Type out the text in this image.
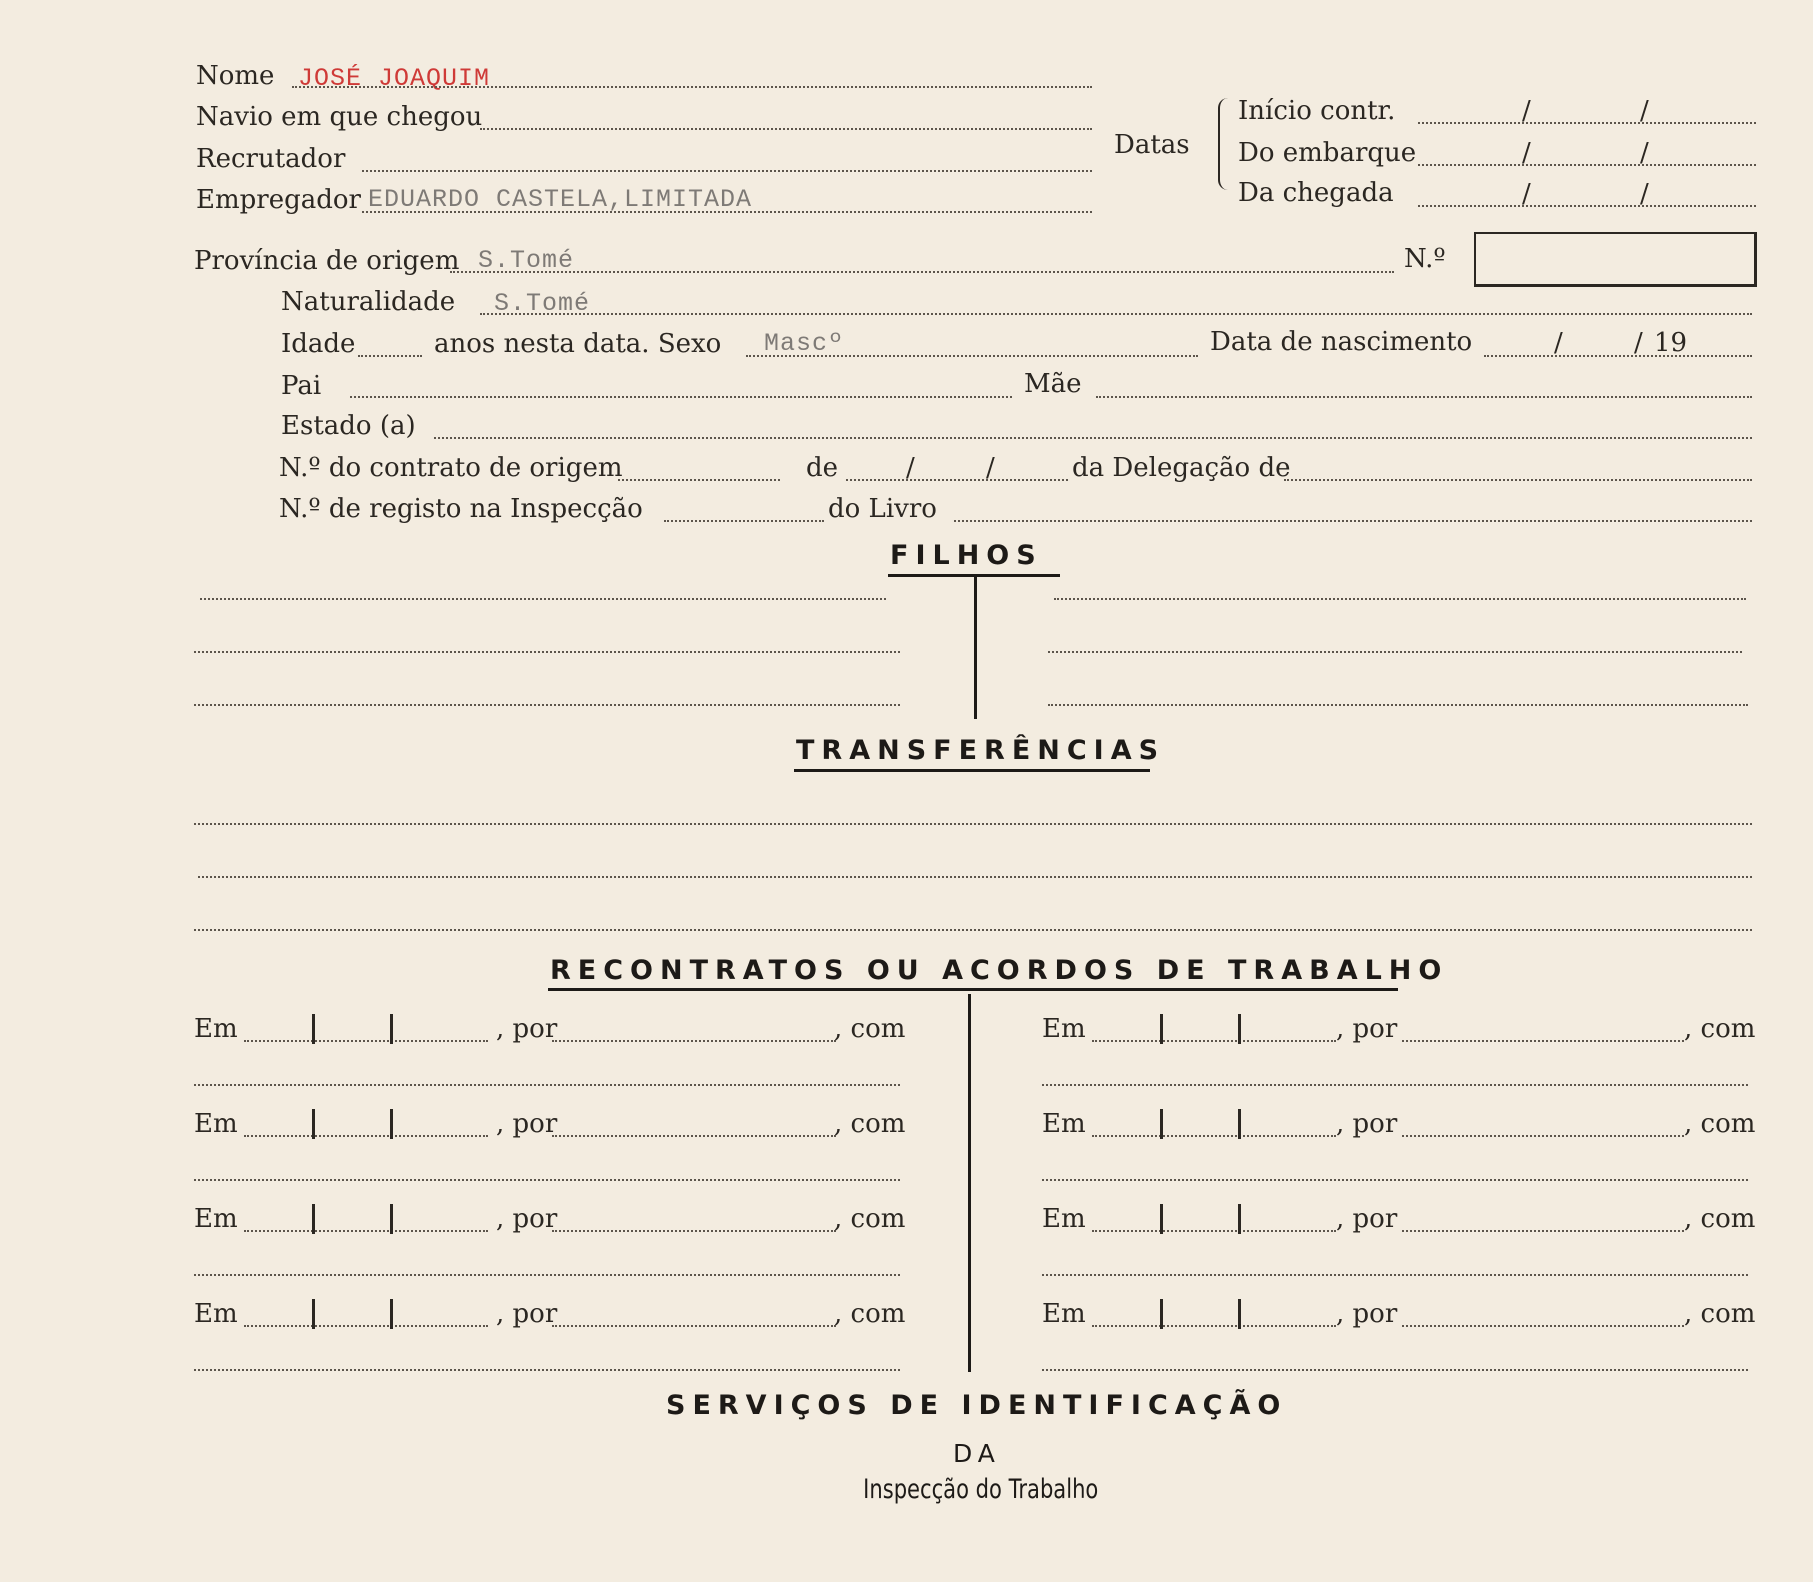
Nome JOSÉ JOAQUIM
Navio em que chegou
Recrutador
Empregador EDUARDO CASTELA,LIMITADA
Datas
Início contr.	/	/
Do embarque	/	/
Da chegada	/	/
Província de origem S.Tomé	N.º
Naturalidade S.Tomé
Idade	anos nesta data. Sexo Mascº	Data de nascimento	/	/ 19
Pai	Mãe
Estado (a)
N.º do contrato de origem	de	/	/	da Delegação de
N.º de registo na Inspecção	do Livro
FILHOS
TRANSFERÊNCIAS
RECONTRATOS OU ACORDOS DE TRABALHO
Em	, por	, com	Em	, por	, com
Em	, por	, com	Em	, por	, com
Em	, por	, com	Em	, por	, com
Em	, por	, com	Em	, por	, com
SERVIÇOS DE IDENTIFICAÇÃO
DA
Inspecção do Trabalho
